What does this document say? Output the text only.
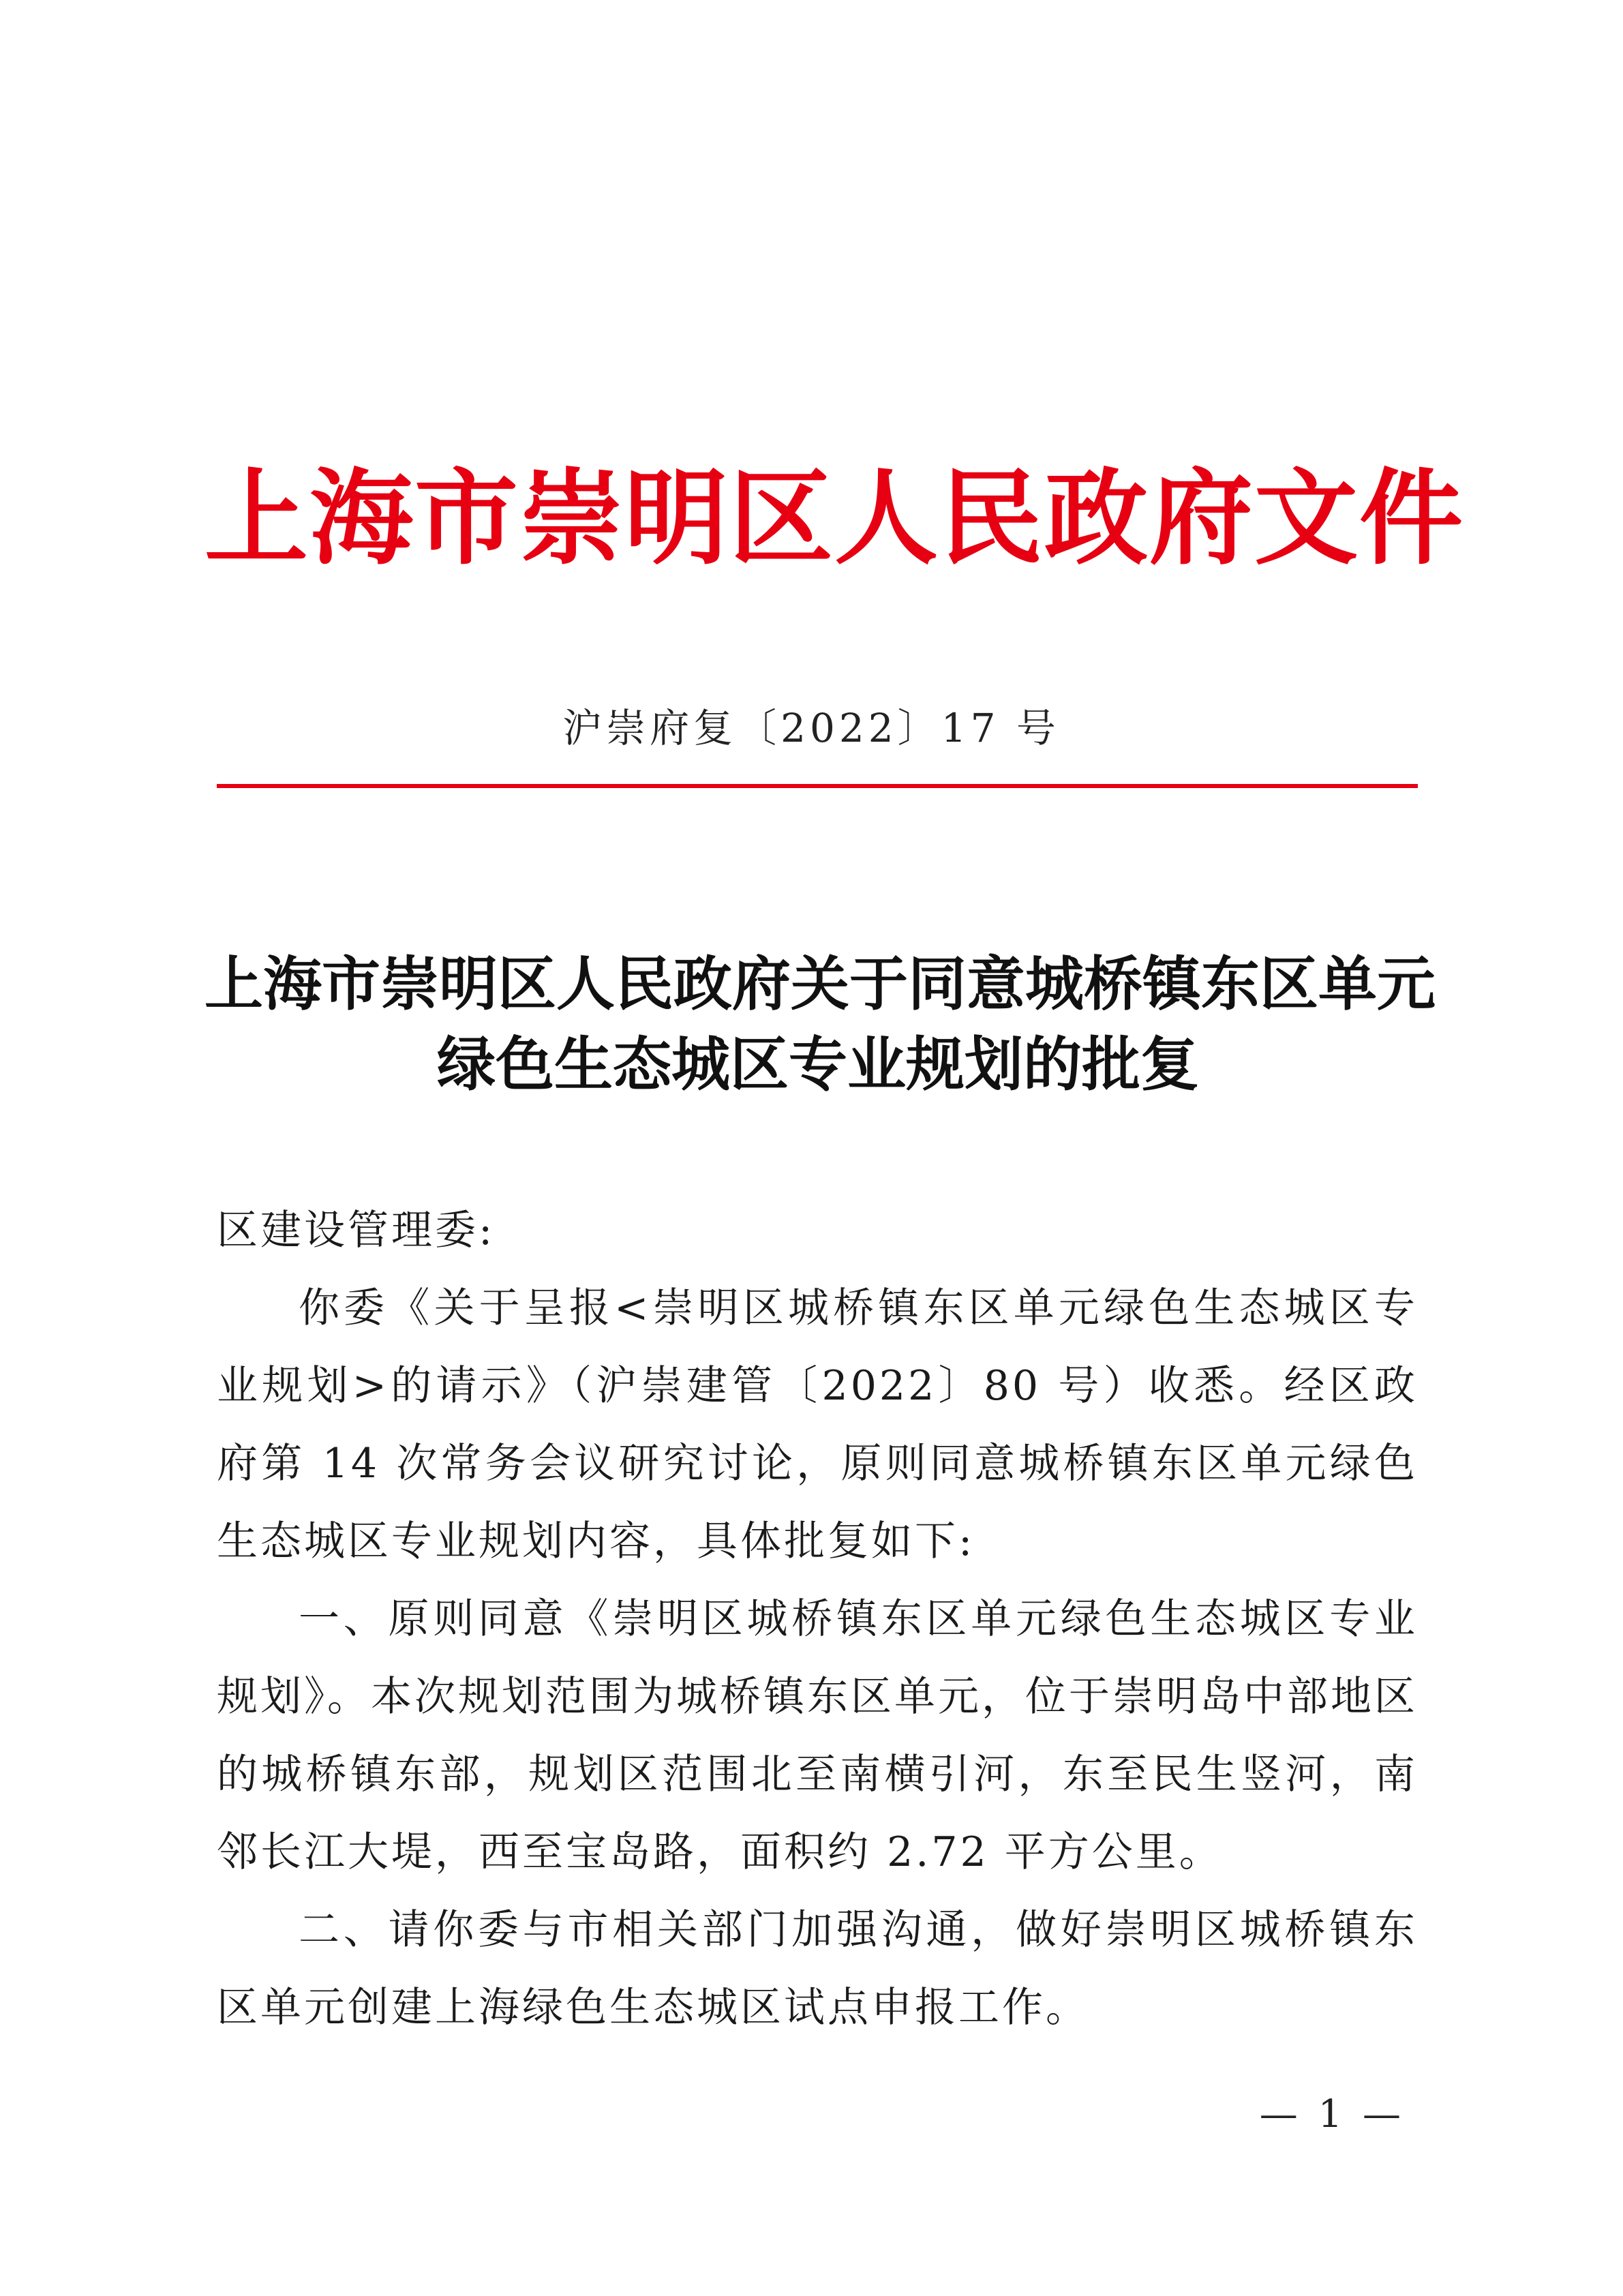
上海市崇明区人民政府文件
沪崇府复〔2022〕17 号
上海市崇明区人民政府关于同意城桥镇东区单元
绿色生态城区专业规划的批复

区建设管理委:

你委《关于呈报<崇明区城桥镇东区单元绿色生态城区专业规划>的请示》（沪崇建管〔2022〕80 号）收悉。经区政府第 14 次常务会议研究讨论，原则同意城桥镇东区单元绿色生态城区专业规划内容，具体批复如下:

一、原则同意《崇明区城桥镇东区单元绿色生态城区专业规划》。本次规划范围为城桥镇东区单元，位于崇明岛中部地区的城桥镇东部，规划区范围北至南横引河，东至民生竖河，南邻长江大堤，西至宝岛路，面积约 2.72 平方公里。

二、请你委与市相关部门加强沟通，做好崇明区城桥镇东区单元创建上海绿色生态城区试点申报工作。

— 1 —
